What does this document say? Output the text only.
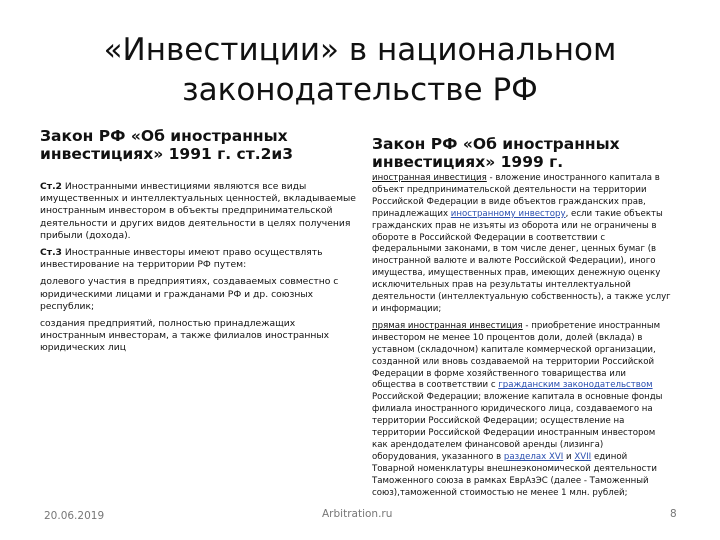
«Инвестиции» в национальном
законодательстве РФ
Закон РФ «Об иностранных
инвестициях» 1991 г. ст.2и3
Закон РФ «Об иностранных
инвестициях» 1999 г.

Ст.2 Иностранными инвестициями являются все виды имущественных и интеллектуальных ценностей, вкладываемые иностранным инвестором в объекты предпринимательской деятельности и других видов деятельности в целях получения прибыли (дохода).

Ст.3 Иностранные инвесторы имеют право осуществлять инвестирование на территории РФ путем:

долевого участия в предприятиях, создаваемых совместно с юридическими лицами и гражданами РФ и др. союзных республик;

создания предприятий, полностью принадлежащих иностранным инвесторам, а также филиалов иностранных юридических лиц

иностранная инвестиция - вложение иностранного капитала в объект предпринимательской деятельности на территории Российской Федерации в виде объектов гражданских прав, принадлежащих иностранному инвестору, если такие объекты гражданских прав не изъяты из оборота или не ограничены в обороте в Российской Федерации в соответствии с федеральными законами, в том числе денег, ценных бумаг (в иностранной валюте и валюте Российской Федерации), иного имущества, имущественных прав, имеющих денежную оценку исключительных прав на результаты интеллектуальной деятельности (интеллектуальную собственность), а также услуг и информации;

прямая иностранная инвестиция - приобретение иностранным инвестором не менее 10 процентов доли, долей (вклада) в уставном (складочном) капитале коммерческой организации, созданной или вновь создаваемой на территории Российской Федерации в форме хозяйственного товарищества или общества в соответствии с гражданским законодательством Российской Федерации; вложение капитала в основные фонды филиала иностранного юридического лица, создаваемого на территории Российской Федерации; осуществление на территории Российской Федерации иностранным инвестором как арендодателем финансовой аренды (лизинга) оборудования, указанного в разделах XVI и XVII единой Товарной номенклатуры внешнеэкономической деятельности Таможенного союза в рамках ЕврАзЭС (далее - Таможенный союз),таможенной стоимостью не менее 1 млн. рублей;

20.06.2019	Arbitration.ru	8
